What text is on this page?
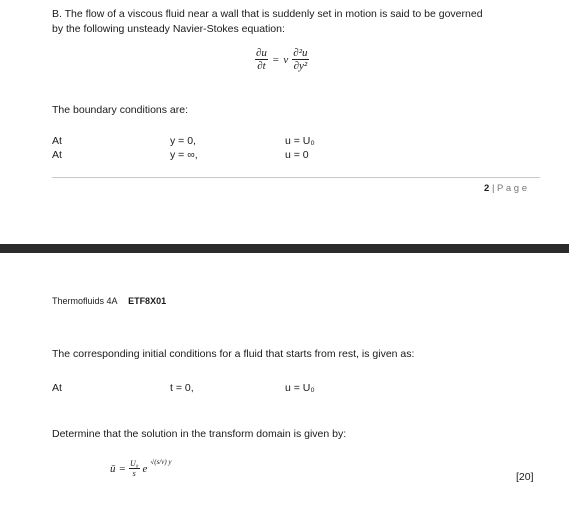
B. The flow of a viscous fluid near a wall that is suddenly set in motion is said to be governed
by the following unsteady Navier-Stokes equation:
$\frac{\partial u}{\partial t} = \nu \frac{\text{∂²u}}{\text{∂y²}}$
The boundary conditions are:
At	y = 0,	u = U₀
At	y = ∞,	u = 0
2 | P a g e
Thermofluids 4A ETF8X01
The corresponding initial conditions for a fluid that starts from rest, is given as:
At	t = 0,	u = U₀
Determine that the solution in the transform domain is given by:
ū = $\frac{\text{U₀}}{s}$ e
√(s/ν) y
[20]
